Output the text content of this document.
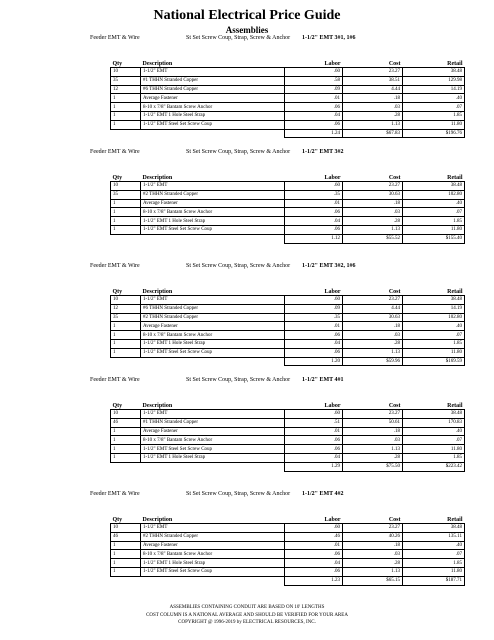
National Electrical Price Guide
Assemblies
Feeder EMT & Wire	St Set Screw Coup, Strap, Screw & Anchor	1-1/2" EMT 3#1, 1#6
Qty	Description	Labor	Cost	Retail
10	1-1/2" EMT	.60	23.27	38.48
35	#1 THHN Stranded Copper	.58	38.51	129.98
12	#6 THHN Stranded Copper	.09	4.44	14.19
1	Average Fastener	.01	.18	.40
1	8-10 x 7/8" Bantam Screw Anchor	.06	.03	.07
1	1-1/2" EMT 1 Hole Steel Strap	.04	.28	1.85
1	1-1/2" EMT Steel Set Screw Coup	.06	1.13	11.80
		1.24	$67.83	$196.76
Feeder EMT & Wire	St Set Screw Coup, Strap, Screw & Anchor	1-1/2" EMT 3#2
Qty	Description	Labor	Cost	Retail
10	1-1/2" EMT	.60	23.27	38.48
35	#2 THHN Stranded Copper	.35	30.63	102.80
1	Average Fastener	.01	.18	.40
1	8-10 x 7/8" Bantam Screw Anchor	.06	.03	.07
1	1-1/2" EMT 1 Hole Steel Strap	.04	.28	1.85
1	1-1/2" EMT Steel Set Screw Coup	.06	1.13	11.80
		1.12	$55.52	$155.40
Feeder EMT & Wire	St Set Screw Coup, Strap, Screw & Anchor	1-1/2" EMT 3#2, 1#6
Qty	Description	Labor	Cost	Retail
10	1-1/2" EMT	.60	23.27	38.48
12	#6 THHN Stranded Copper	.09	4.44	14.19
35	#2 THHN Stranded Copper	.35	30.63	102.80
1	Average Fastener	.01	.18	.40
1	8-10 x 7/8" Bantam Screw Anchor	.06	.03	.07
1	1-1/2" EMT 1 Hole Steel Strap	.04	.28	1.85
1	1-1/2" EMT Steel Set Screw Coup	.06	1.13	11.80
		1.20	$59.96	$169.59
Feeder EMT & Wire	St Set Screw Coup, Strap, Screw & Anchor	1-1/2" EMT 4#1
Qty	Description	Labor	Cost	Retail
10	1-1/2" EMT	.60	23.27	38.48
46	#1 THHN Stranded Copper	.51	50.61	170.83
1	Average Fastener	.01	.18	.40
1	8-10 x 7/8" Bantam Screw Anchor	.06	.03	.07
1	1-1/2" EMT Steel Set Screw Coup	.06	1.13	11.80
1	1-1/2" EMT 1 Hole Steel Strap	.04	.28	1.85
		1.29	$75.50	$223.42
Feeder EMT & Wire	St Set Screw Coup, Strap, Screw & Anchor	1-1/2" EMT 4#2
Qty	Description	Labor	Cost	Retail
10	1-1/2" EMT	.60	23.27	38.48
46	#2 THHN Stranded Copper	.46	40.26	135.11
1	Average Fastener	.01	.18	.40
1	8-10 x 7/8" Bantam Screw Anchor	.06	.03	.07
1	1-1/2" EMT 1 Hole Steel Strap	.04	.28	1.85
1	1-1/2" EMT Steel Set Screw Coup	.06	1.13	11.80
		1.23	$65.15	$187.71
ASSEMBLIES CONTAINING CONDUIT ARE BASED ON 10' LENGTHS
COST COLUMN IS A NATIONAL AVERAGE AND SHOULD BE VERIFIED FOR YOUR AREA
COPYRIGHT @ 1996-2019 by ELECTRICAL RESOURCES, INC.
